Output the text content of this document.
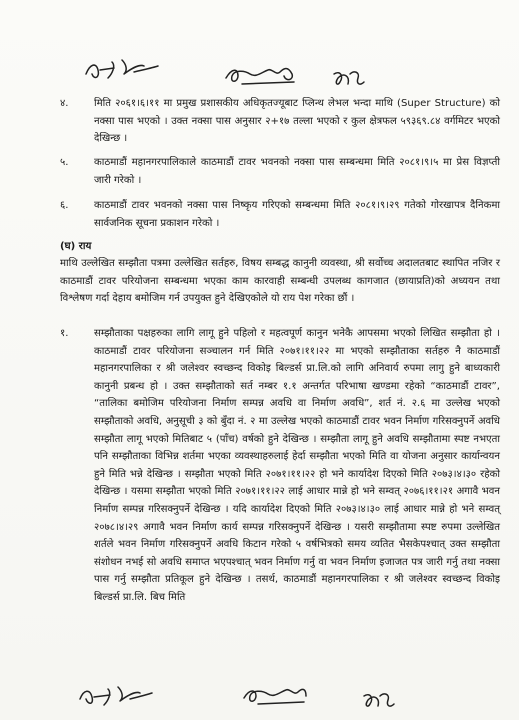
४.	मिति २०६१।६।११ मा प्रमुख प्रशासकीय अधिकृतज्यूबाट प्लिन्थ लेभल भन्दा माथि (Super Structure) को नक्सा पास भएको । उक्त नक्सा पास अनुसार २+१७ तल्ला भएको र कुल क्षेत्रफल ५९३६९.८४ वर्गमिटर भएको देखिन्छ ।
५.	काठमाडौं महानगरपालिकाले काठमाडौं टावर भवनको नक्सा पास सम्बन्धमा मिति २०८१।९।५ मा प्रेस विज्ञप्ती जारी गरेको ।
६.	काठमाडौं टावर भवनको नक्सा पास निष्कृय गरिएको सम्बन्धमा मिति २०८१।९।२९ गतेको गोरखापत्र दैनिकमा सार्वजनिक सूचना प्रकाशन गरेको ।
(घ) राय
माथि उल्लेखित सम्झौता पत्रमा उल्लेखित सर्तहरु, विषय सम्बद्ध कानुनी व्यवस्था, श्री सर्वोच्च अदालतबाट स्थापित नजिर र काठमाडौं टावर परियोजना सम्बन्धमा भएका काम कारवाही सम्बन्धी उपलब्ध कागजात (छायाप्रति)को अध्ययन तथा विश्लेषण गर्दा देहाय बमोजिम गर्न उपयुक्त हुने देखिएकोले यो राय पेश गरेका छौं ।
१.	सम्झौताका पक्षहरुका लागि लागू हुने पहिलो र महत्वपूर्ण कानुन भनेकै आपसमा भएको लिखित सम्झौता हो । काठमाडौं टावर परियोजना सञ्चालन गर्न मिति २०७१।११।२२ मा भएको सम्झौताका सर्तहरु नै काठमाडौं महानगरपालिका र श्री जलेश्वर स्वच्छन्द विकोइ बिल्डर्स प्रा.लि.को लागि अनिवार्य रुपमा लागु हुने बाध्यकारी कानुनी प्रबन्ध हो । उक्त सम्झौताको सर्त नम्बर १.१ अन्तर्गत परिभाषा खण्डमा रहेको “काठमाडौं टावर”, “तालिका बमोजिम परियोजना निर्माण सम्पन्न अवधि वा निर्माण अवधि”, शर्त नं. २.६ मा उल्लेख भएको सम्झौताको अवधि, अनुसूची ३ को बुँदा नं. २ मा उल्लेख भएको काठमाडौं टावर भवन निर्माण गरिसक्नुपर्ने अवधि सम्झौता लागू भएको मितिबाट ५ (पाँच) वर्षको हुने देखिन्छ । सम्झौता लागू हुने अवधि सम्झौतामा स्पष्ट नभएता पनि सम्झौताका विभिन्न शर्तमा भएका व्यवस्थाहरुलाई हेर्दा सम्झौता भएको मिति वा योजना अनुसार कार्यान्वयन हुने मिति भन्ने देखिन्छ । सम्झौता भएको मिति २०७१।११।२२ हो भने कार्यादेश दिएको मिति २०७३।४।३० रहेको देखिन्छ । यसमा सम्झौता भएको मिति २०७१।११।२२ लाई आधार मान्ने हो भने सम्वत् २०७६।११।२१ अगावै भवन निर्माण सम्पन्न गरिसक्नुपर्ने देखिन्छ । यदि कार्यादेश दिएको मिति २०७३।४।३० लाई आधार मान्ने हो भने सम्वत् २०७८।४।२९ अगावै भवन निर्माण कार्य सम्पन्न गरिसक्नुपर्ने देखिन्छ । यसरी सम्झौतामा स्पष्ट रुपमा उल्लेखित शर्तले भवन निर्माण गरिसक्नुपर्ने अवधि किटान गरेको ५ वर्षभित्रको समय व्यतित भैसकेपश्चात् उक्त सम्झौता संशोधन नभई सो अवधि समाप्त भएपश्चात् भवन निर्माण गर्नु वा भवन निर्माण इजाजत पत्र जारी गर्नु तथा नक्सा पास गर्नु सम्झौता प्रतिकूल हुने देखिन्छ । तसर्थ, काठमाडौं महानगरपालिका र श्री जलेश्वर स्वच्छन्द विकोइ बिल्डर्स प्रा.लि. बिच मिति
